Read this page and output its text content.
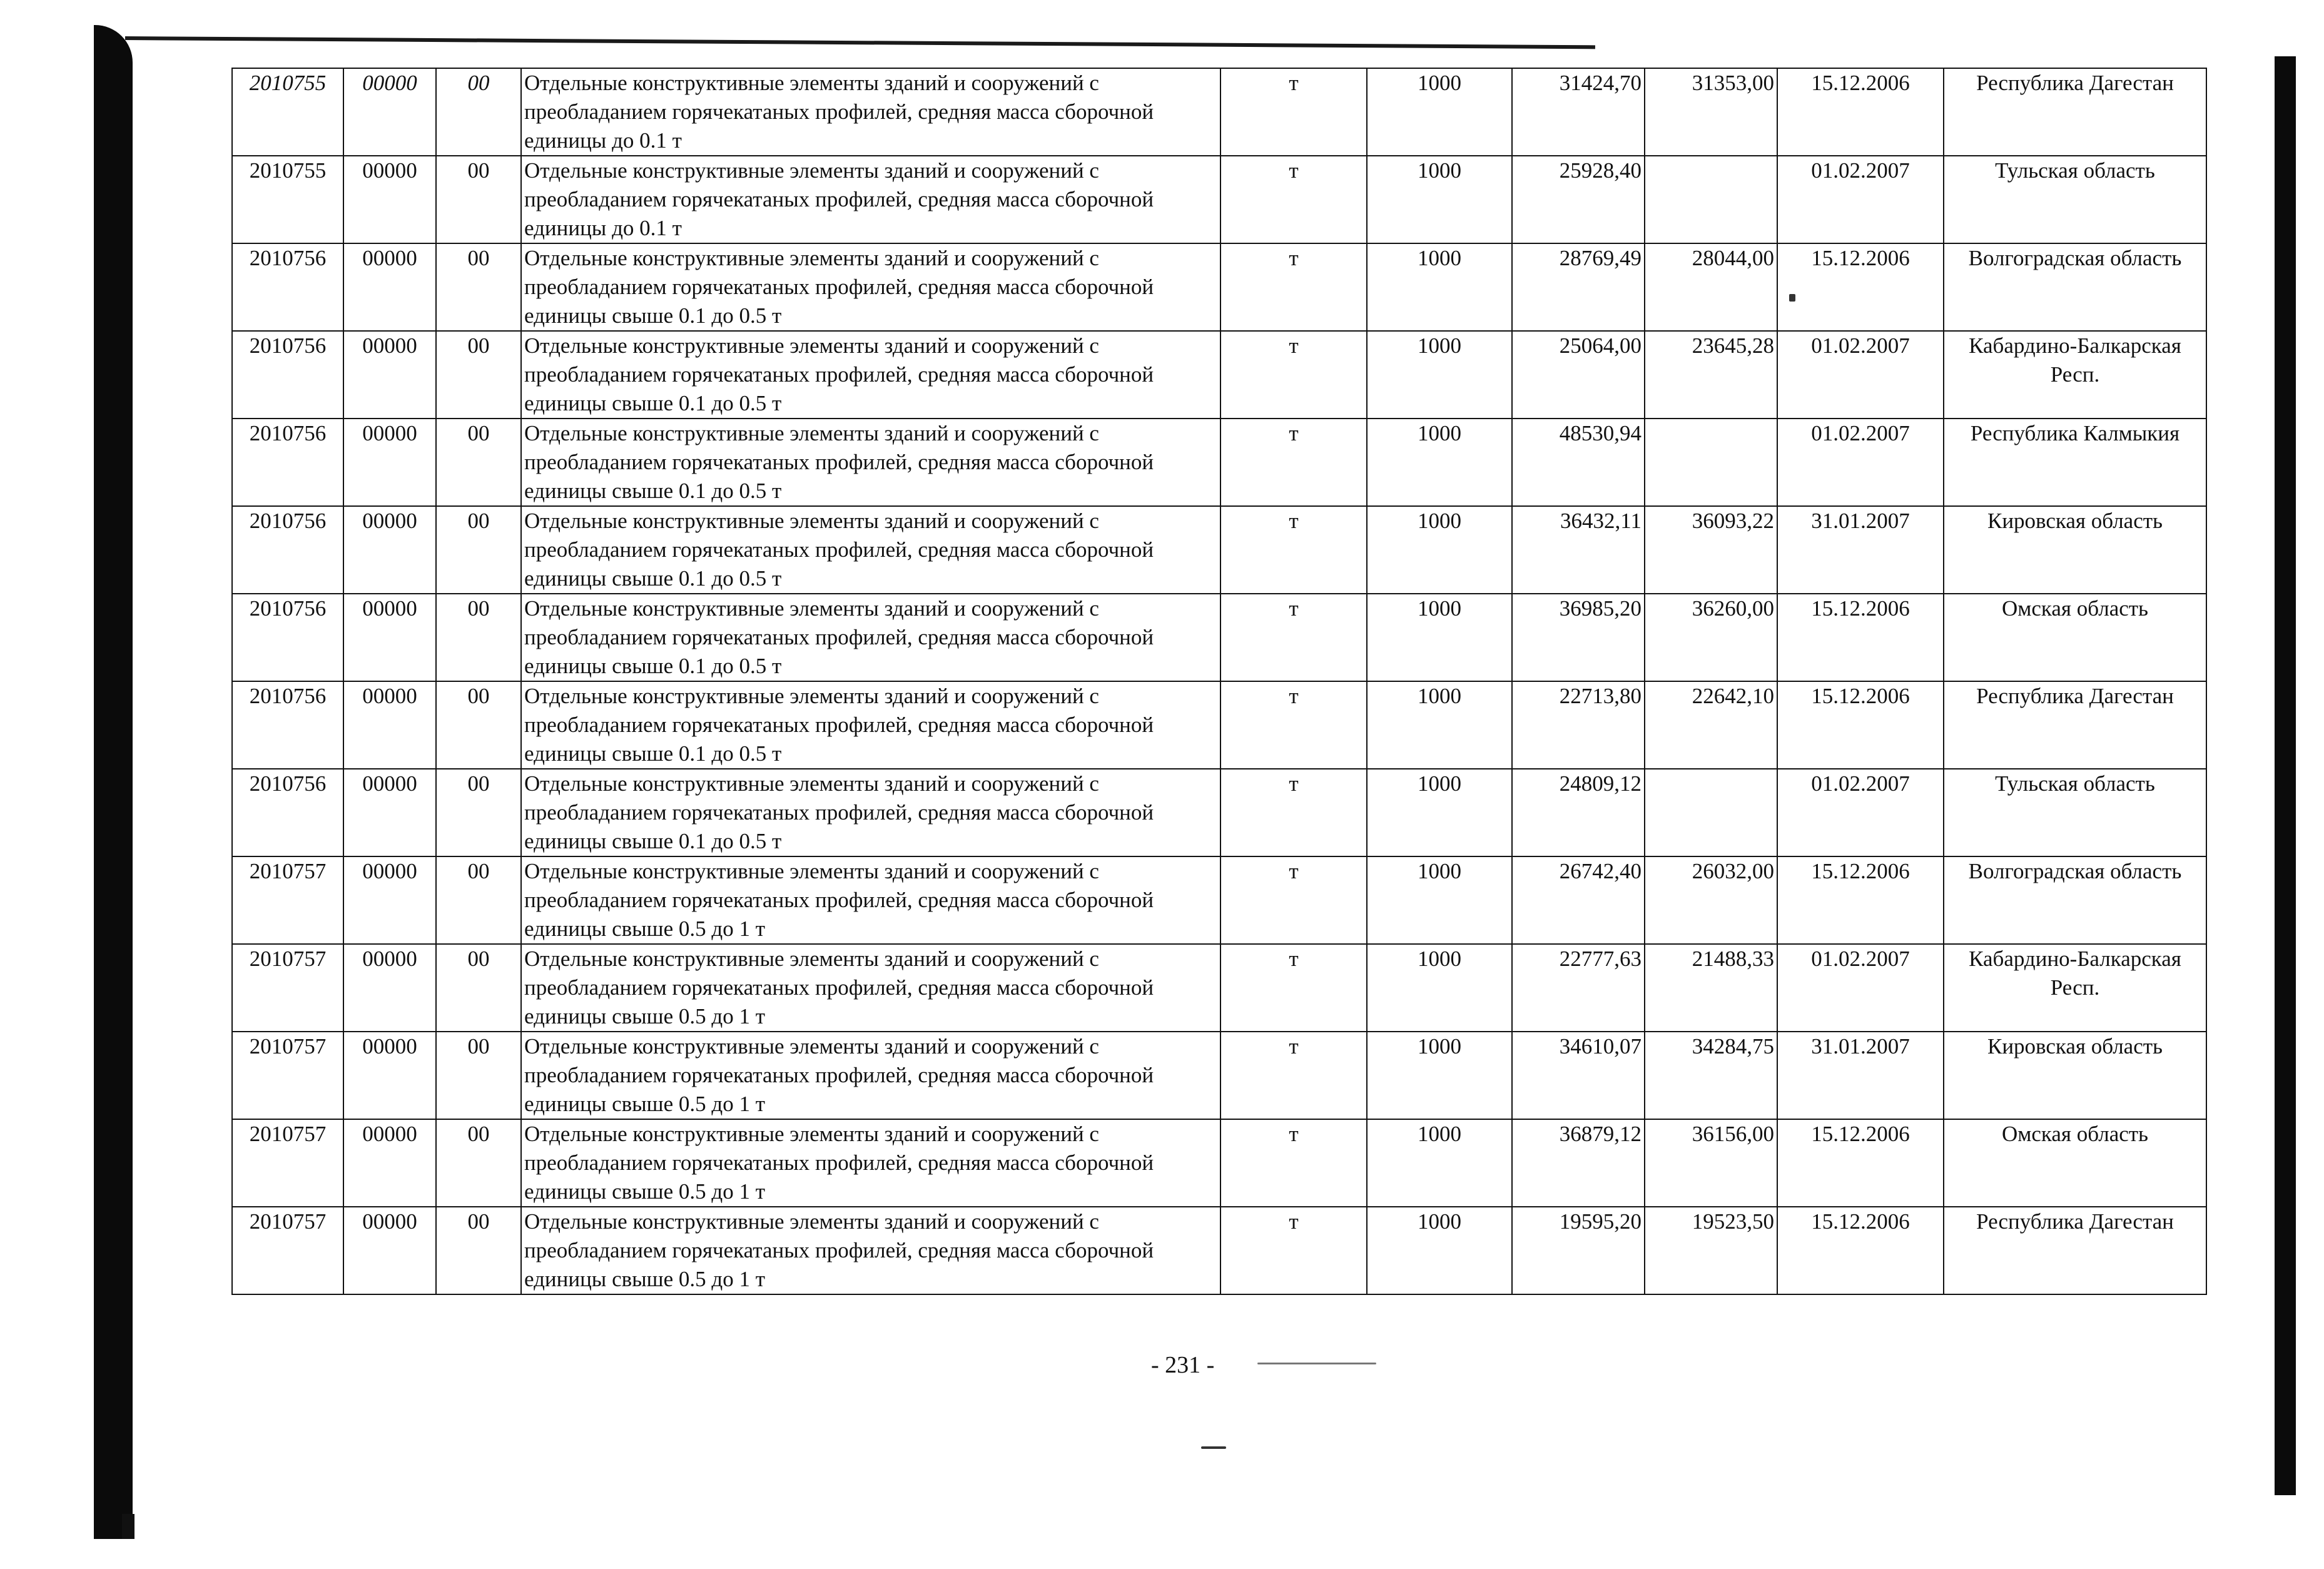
2010755	00000	00	Отдельные конструктивные элементы зданий и сооружений с преобладанием горячекатаных профилей, средняя масса сборочной единицы до 0.1 т	т	1000	31424,70	31353,00	15.12.2006	Республика Дагестан
2010755	00000	00	Отдельные конструктивные элементы зданий и сооружений с преобладанием горячекатаных профилей, средняя масса сборочной единицы до 0.1 т	т	1000	25928,40		01.02.2007	Тульская область
2010756	00000	00	Отдельные конструктивные элементы зданий и сооружений с преобладанием горячекатаных профилей, средняя масса сборочной единицы свыше 0.1 до 0.5 т	т	1000	28769,49	28044,00	15.12.2006	Волгоградская область
2010756	00000	00	Отдельные конструктивные элементы зданий и сооружений с преобладанием горячекатаных профилей, средняя масса сборочной единицы свыше 0.1 до 0.5 т	т	1000	25064,00	23645,28	01.02.2007	Кабардино-Балкарская Респ.
2010756	00000	00	Отдельные конструктивные элементы зданий и сооружений с преобладанием горячекатаных профилей, средняя масса сборочной единицы свыше 0.1 до 0.5 т	т	1000	48530,94		01.02.2007	Республика Калмыкия
2010756	00000	00	Отдельные конструктивные элементы зданий и сооружений с преобладанием горячекатаных профилей, средняя масса сборочной единицы свыше 0.1 до 0.5 т	т	1000	36432,11	36093,22	31.01.2007	Кировская область
2010756	00000	00	Отдельные конструктивные элементы зданий и сооружений с преобладанием горячекатаных профилей, средняя масса сборочной единицы свыше 0.1 до 0.5 т	т	1000	36985,20	36260,00	15.12.2006	Омская область
2010756	00000	00	Отдельные конструктивные элементы зданий и сооружений с преобладанием горячекатаных профилей, средняя масса сборочной единицы свыше 0.1 до 0.5 т	т	1000	22713,80	22642,10	15.12.2006	Республика Дагестан
2010756	00000	00	Отдельные конструктивные элементы зданий и сооружений с преобладанием горячекатаных профилей, средняя масса сборочной единицы свыше 0.1 до 0.5 т	т	1000	24809,12		01.02.2007	Тульская область
2010757	00000	00	Отдельные конструктивные элементы зданий и сооружений с преобладанием горячекатаных профилей, средняя масса сборочной единицы свыше 0.5 до 1 т	т	1000	26742,40	26032,00	15.12.2006	Волгоградская область
2010757	00000	00	Отдельные конструктивные элементы зданий и сооружений с преобладанием горячекатаных профилей, средняя масса сборочной единицы свыше 0.5 до 1 т	т	1000	22777,63	21488,33	01.02.2007	Кабардино-Балкарская Респ.
2010757	00000	00	Отдельные конструктивные элементы зданий и сооружений с преобладанием горячекатаных профилей, средняя масса сборочной единицы свыше 0.5 до 1 т	т	1000	34610,07	34284,75	31.01.2007	Кировская область
2010757	00000	00	Отдельные конструктивные элементы зданий и сооружений с преобладанием горячекатаных профилей, средняя масса сборочной единицы свыше 0.5 до 1 т	т	1000	36879,12	36156,00	15.12.2006	Омская область
2010757	00000	00	Отдельные конструктивные элементы зданий и сооружений с преобладанием горячекатаных профилей, средняя масса сборочной единицы свыше 0.5 до 1 т	т	1000	19595,20	19523,50	15.12.2006	Республика Дагестан
- 231 -
